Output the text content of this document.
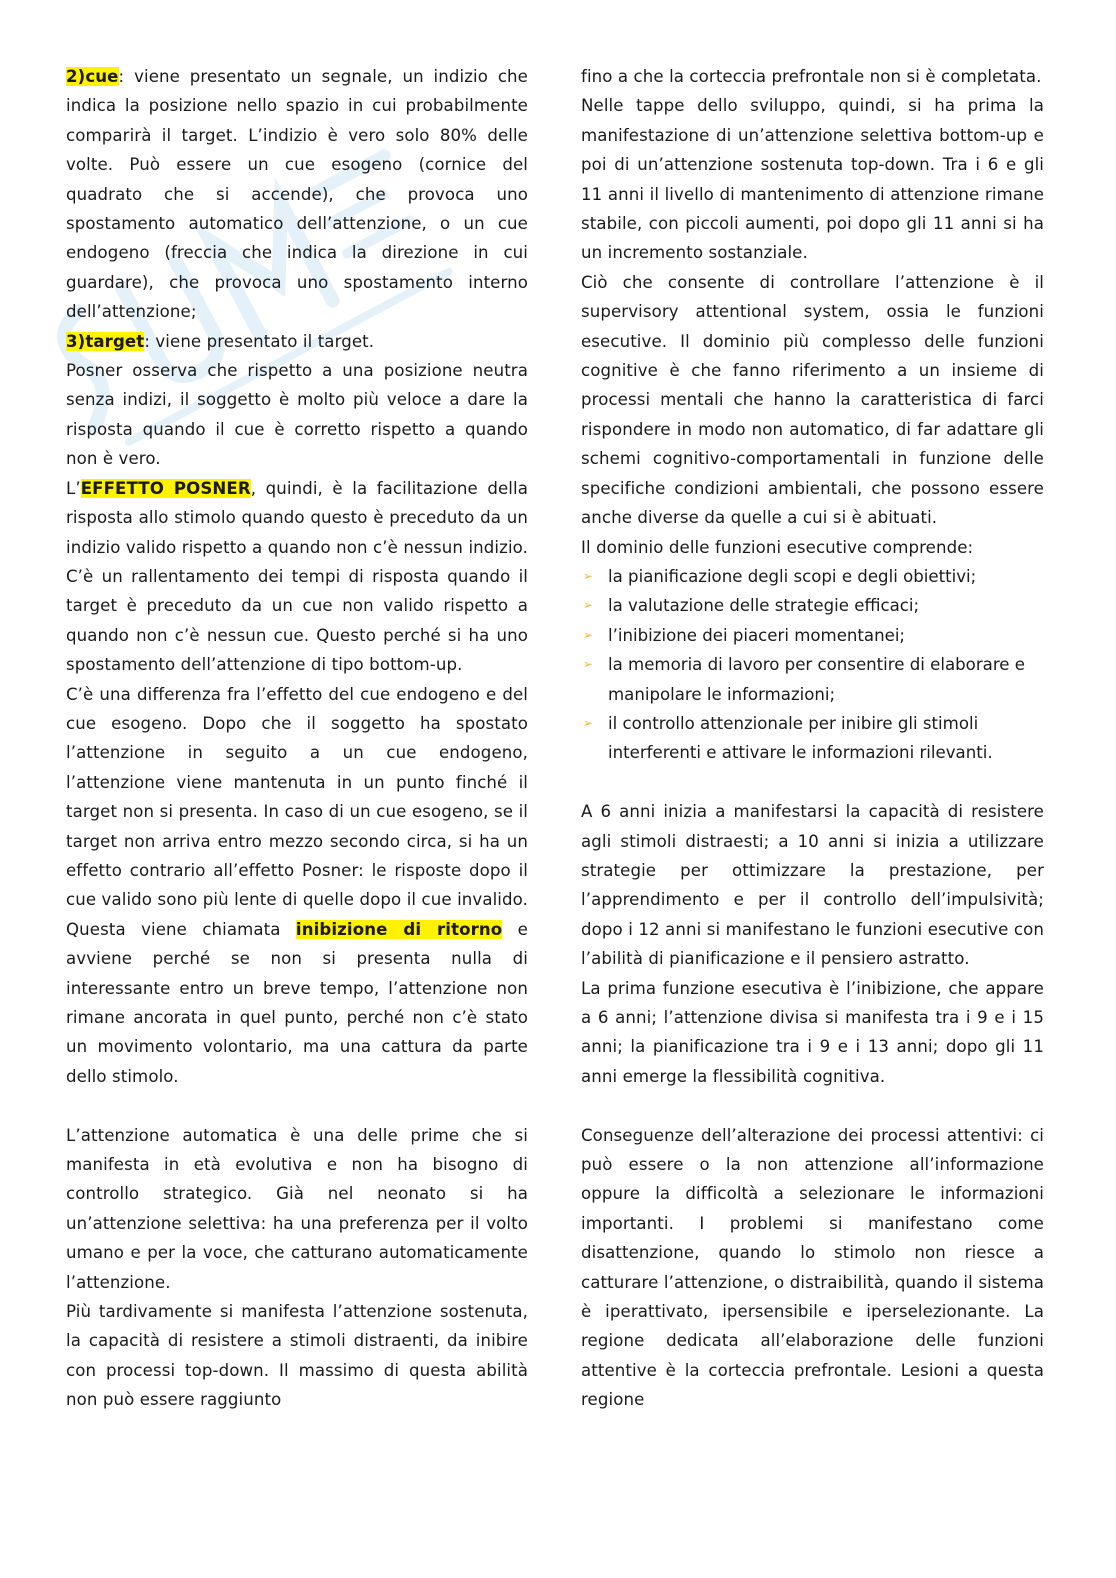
2)cue: viene presentato un segnale, un indizio che indica la posizione nello spazio in cui probabilmente comparirà il target. L’indizio è vero solo 80% delle volte. Può essere un cue esogeno (cornice del quadrato che si accende), che provoca uno spostamento automatico dell’attenzione, o un cue endogeno (freccia che indica la direzione in cui guardare), che provoca uno spostamento interno dell’attenzione;

3)target: viene presentato il target.

Posner osserva che rispetto a una posizione neutra senza indizi, il soggetto è molto più veloce a dare la risposta quando il cue è corretto rispetto a quando non è vero.

L’EFFETTO POSNER, quindi, è la facilitazione della risposta allo stimolo quando questo è preceduto da un indizio valido rispetto a quando non c’è nessun indizio. C’è un rallentamento dei tempi di risposta quando il target è preceduto da un cue non valido rispetto a quando non c’è nessun cue. Questo perché si ha uno spostamento dell’attenzione di tipo bottom-up.

C’è una differenza fra l’effetto del cue endogeno e del cue esogeno. Dopo che il soggetto ha spostato l’attenzione in seguito a un cue endogeno, l’attenzione viene mantenuta in un punto finché il target non si presenta. In caso di un cue esogeno, se il target non arriva entro mezzo secondo circa, si ha un effetto contrario all’effetto Posner: le risposte dopo il cue valido sono più lente di quelle dopo il cue invalido. Questa viene chiamata inibizione di ritorno e avviene perché se non si presenta nulla di interessante entro un breve tempo, l’attenzione non rimane ancorata in quel punto, perché non c’è stato un movimento volontario, ma una cattura da parte dello stimolo.

L’attenzione automatica è una delle prime che si manifesta in età evolutiva e non ha bisogno di controllo strategico. Già nel neonato si ha un’attenzione selettiva: ha una preferenza per il volto umano e per la voce, che catturano automaticamente l’attenzione.

Più tardivamente si manifesta l’attenzione sostenuta, la capacità di resistere a stimoli distraenti, da inibire con processi top-down. Il massimo di questa abilità non può essere raggiunto

fino a che la corteccia prefrontale non si è completata.

Nelle tappe dello sviluppo, quindi, si ha prima la manifestazione di un’attenzione selettiva bottom-up e poi di un’attenzione sostenuta top-down. Tra i 6 e gli 11 anni il livello di mantenimento di attenzione rimane stabile, con piccoli aumenti, poi dopo gli 11 anni si ha un incremento sostanziale.

Ciò che consente di controllare l’attenzione è il supervisory attentional system, ossia le funzioni esecutive. Il dominio più complesso delle funzioni cognitive è che fanno riferimento a un insieme di processi mentali che hanno la caratteristica di farci rispondere in modo non automatico, di far adattare gli schemi cognitivo-comportamentali in funzione delle specifiche condizioni ambientali, che possono essere anche diverse da quelle a cui si è abituati.

Il dominio delle funzioni esecutive comprende:

➢ la pianificazione degli scopi e degli obiettivi;
➢ la valutazione delle strategie efficaci;
➢ l’inibizione dei piaceri momentanei;
➢ la memoria di lavoro per consentire di elaborare e manipolare le informazioni;
➢ il controllo attenzionale per inibire gli stimoli interferenti e attivare le informazioni rilevanti.

A 6 anni inizia a manifestarsi la capacità di resistere agli stimoli distraesti; a 10 anni si inizia a utilizzare strategie per ottimizzare la prestazione, per l’apprendimento e per il controllo dell’impulsività; dopo i 12 anni si manifestano le funzioni esecutive con l’abilità di pianificazione e il pensiero astratto.

La prima funzione esecutiva è l’inibizione, che appare a 6 anni; l’attenzione divisa si manifesta tra i 9 e i 15 anni; la pianificazione tra i 9 e i 13 anni; dopo gli 11 anni emerge la flessibilità cognitiva.

Conseguenze dell’alterazione dei processi attentivi: ci può essere o la non attenzione all’informazione oppure la difficoltà a selezionare le informazioni importanti. I problemi si manifestano come disattenzione, quando lo stimolo non riesce a catturare l’attenzione, o distraibilità, quando il sistema è iperattivato, ipersensibile e iperselezionante. La regione dedicata all’elaborazione delle funzioni attentive è la corteccia prefrontale. Lesioni a questa regione
